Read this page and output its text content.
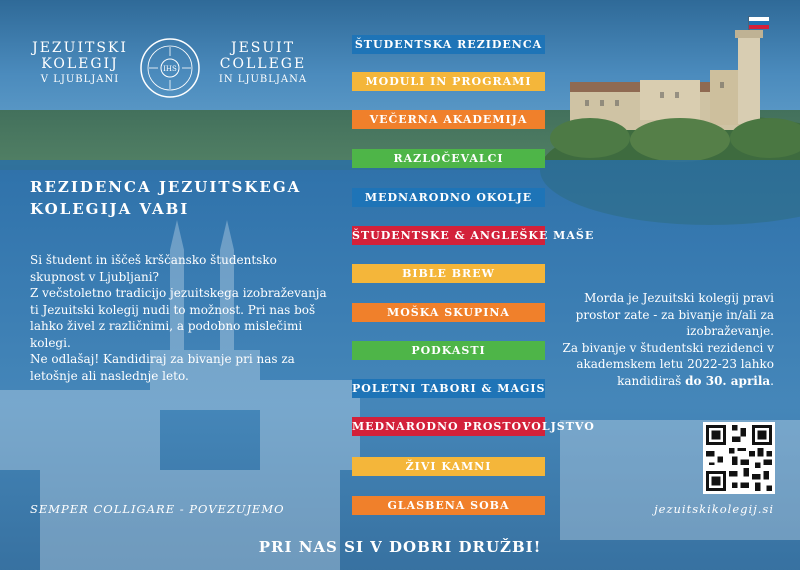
JEZUITSKI
KOLEGIJ
V LJUBLJANI
IHS
JESUIT
COLLEGE
IN LJUBLJANA
REZIDENCA JEZUITSKEGA
KOLEGIJA VABI

Si študent in iščeš krščansko študentsko skupnost v Ljubljani?

Z večstoletno tradicijo jezuitskega izobraževanja ti Jezuitski kolegij nudi to možnost. Pri nas boš lahko živel z različnimi, a podobno mislečimi kolegi.

Ne odlašaj! Kandidiraj za bivanje pri nas za letošnje ali naslednje leto.

SEMPER COLLIGARE - POVEZUJEMO
ŠTUDENTSKA REZIDENCA
MODULI IN PROGRAMI
VEČERNA AKADEMIJA
RAZLOČEVALCI
MEDNARODNO OKOLJE
ŠTUDENTSKE & ANGLEŠKE MAŠE
BIBLE BREW
MOŠKA SKUPINA
PODKASTI
POLETNI TABORI & MAGIS
MEDNARODNO PROSTOVOLJSTVO
ŽIVI KAMNI
GLASBENA SOBA

Morda je Jezuitski kolegij pravi prostor zate - za bivanje in/ali za izobraževanje.

Za bivanje v študentski rezidenci v akademskem letu 2022-23 lahko kandidiraš do 30. aprila.

jezuitskikolegij.si
PRI NAS SI V DOBRI DRUŽBI!
